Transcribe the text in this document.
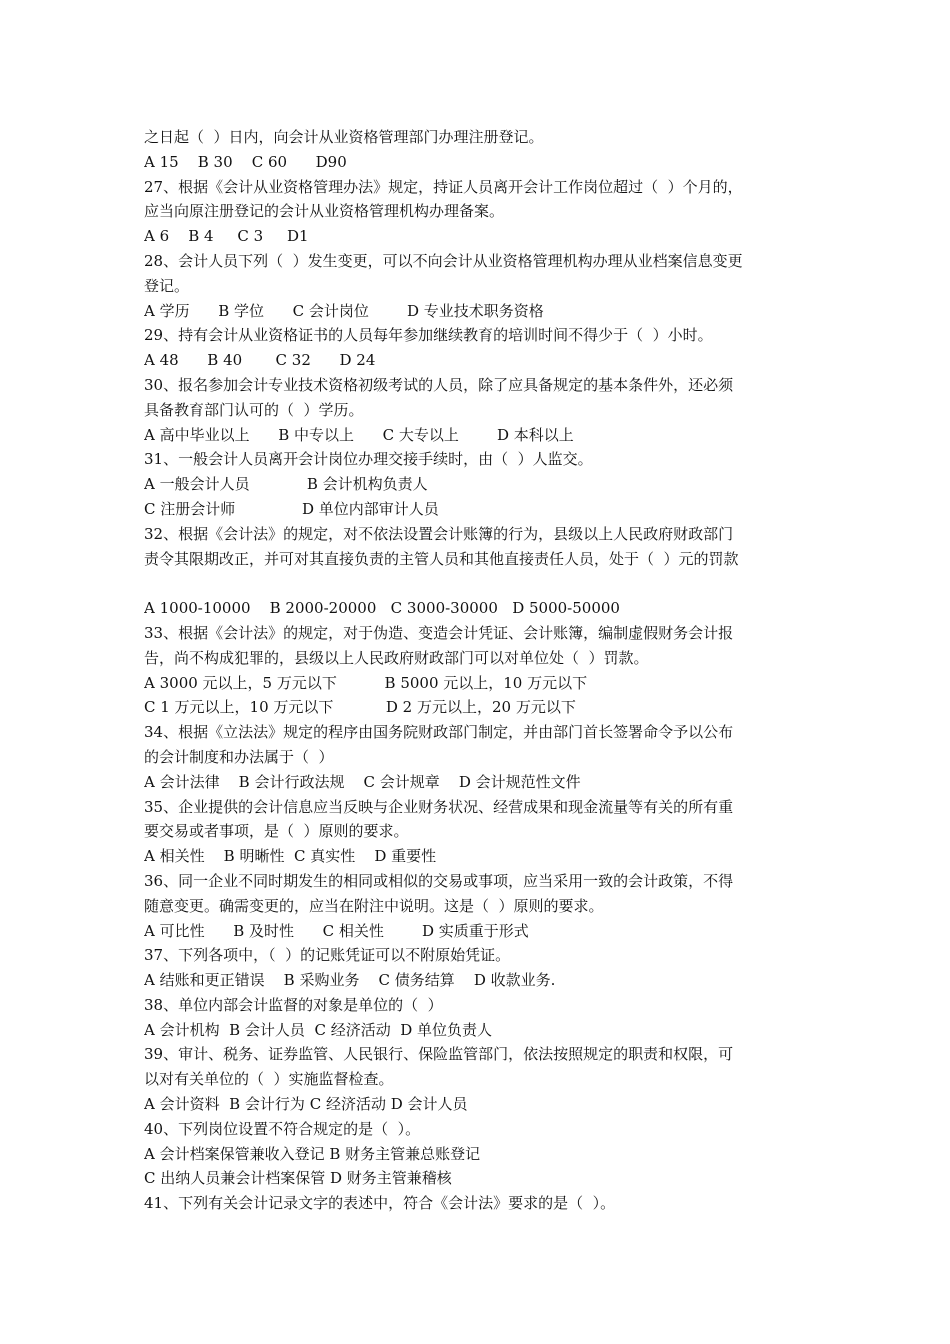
之日起（  ）日内，向会计从业资格管理部门办理注册登记。
A 15    B 30    C 60      D90
27、根据《会计从业资格管理办法》规定，持证人员离开会计工作岗位超过（  ）个月的，
应当向原注册登记的会计从业资格管理机构办理备案。
A 6    B 4     C 3     D1
28、会计人员下列（  ）发生变更，可以不向会计从业资格管理机构办理从业档案信息变更
登记。
A 学历      B 学位      C 会计岗位        D 专业技术职务资格
29、持有会计从业资格证书的人员每年参加继续教育的培训时间不得少于（  ）小时。
A 48      B 40       C 32      D 24
30、报名参加会计专业技术资格初级考试的人员，除了应具备规定的基本条件外，还必须
具备教育部门认可的（  ）学历。
A 高中毕业以上      B 中专以上      C 大专以上        D 本科以上
31、一般会计人员离开会计岗位办理交接手续时，由（  ）人监交。
A 一般会计人员            B 会计机构负责人
C 注册会计师              D 单位内部审计人员
32、根据《会计法》的规定，对不依法设置会计账簿的行为，县级以上人民政府财政部门
责令其限期改正，并可对其直接负责的主管人员和其他直接责任人员，处于（  ）元的罚款
A 1000-10000    B 2000-20000   C 3000-30000   D 5000-50000
33、根据《会计法》的规定，对于伪造、变造会计凭证、会计账簿，编制虚假财务会计报
告，尚不构成犯罪的，县级以上人民政府财政部门可以对单位处（  ）罚款。
A 3000 元以上，5 万元以下          B 5000 元以上，10 万元以下
C 1 万元以上，10 万元以下           D 2 万元以上，20 万元以下
34、根据《立法法》规定的程序由国务院财政部门制定，并由部门首长签署命令予以公布
的会计制度和办法属于（  ）
A 会计法律    B 会计行政法规    C 会计规章    D 会计规范性文件
35、企业提供的会计信息应当反映与企业财务状况、经营成果和现金流量等有关的所有重
要交易或者事项，是（  ）原则的要求。
A 相关性    B 明晰性  C 真实性    D 重要性
36、同一企业不同时期发生的相同或相似的交易或事项，应当采用一致的会计政策，不得
随意变更。确需变更的，应当在附注中说明。这是（  ）原则的要求。
A 可比性      B 及时性      C 相关性        D 实质重于形式
37、下列各项中，（  ）的记账凭证可以不附原始凭证。
A 结账和更正错误    B 采购业务    C 债务结算    D 收款业务.
38、单位内部会计监督的对象是单位的（  ）
A 会计机构  B 会计人员  C 经济活动  D 单位负责人
39、审计、税务、证券监管、人民银行、保险监管部门，依法按照规定的职责和权限，可
以对有关单位的（  ）实施监督检查。
A 会计资料  B 会计行为 C 经济活动 D 会计人员
40、下列岗位设置不符合规定的是（  ）。
A 会计档案保管兼收入登记 B 财务主管兼总账登记
C 出纳人员兼会计档案保管 D 财务主管兼稽核
41、下列有关会计记录文字的表述中，符合《会计法》要求的是（  ）。
